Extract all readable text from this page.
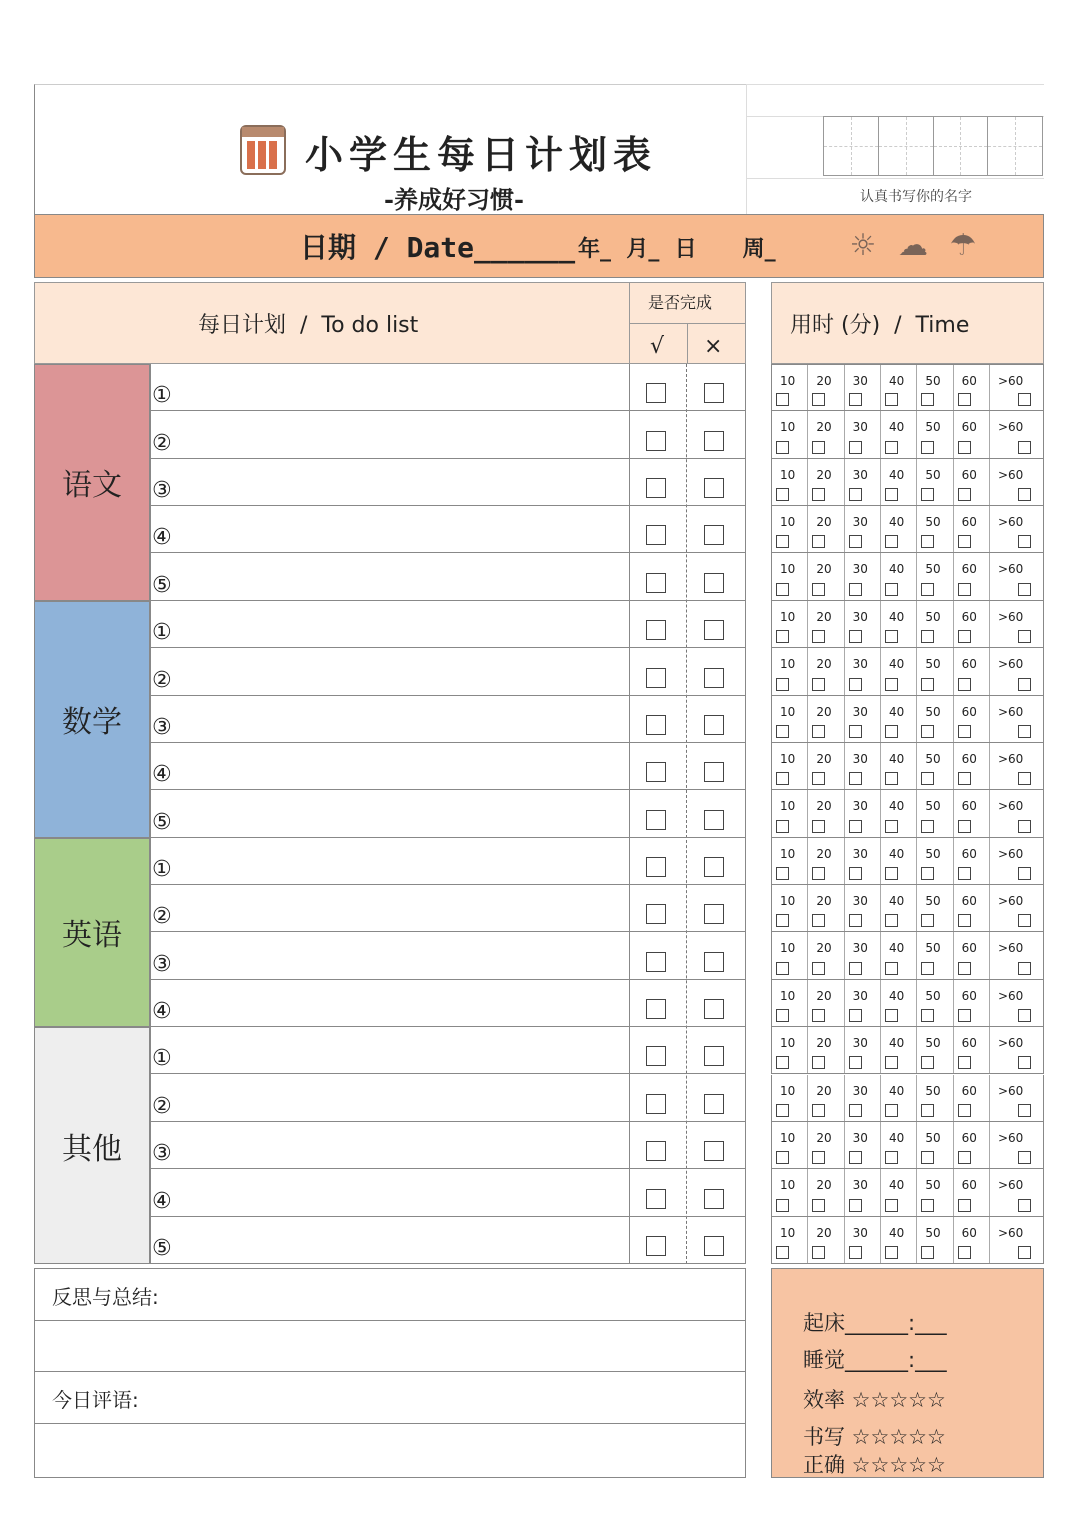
小学生每日计划表
-养成好习惯-	认真书写你的名字
日期 / Date______ 年_  月_  日      周_ ☼ ☁ ☂
每日计划  /  To do list
是否完成
√ ×
用时 (分)  /  Time
①
10 20 30 40 50 60 >60
②
10 20 30 40 50 60 >60
③
10 20 30 40 50 60 >60
④
10 20 30 40 50 60 >60
⑤
10 20 30 40 50 60 >60
语文
①
10 20 30 40 50 60 >60
②
10 20 30 40 50 60 >60
③
10 20 30 40 50 60 >60
④
10 20 30 40 50 60 >60
⑤
10 20 30 40 50 60 >60
数学
①
10 20 30 40 50 60 >60
②
10 20 30 40 50 60 >60
③
10 20 30 40 50 60 >60
④
10 20 30 40 50 60 >60
英语
①
10 20 30 40 50 60 >60
②
10 20 30 40 50 60 >60
③
10 20 30 40 50 60 >60
④
10 20 30 40 50 60 >60
⑤
10 20 30 40 50 60 >60
其他
反思与总结:
今日评语:
起床______:___
睡觉______:___
效率 ☆☆☆☆☆
书写 ☆☆☆☆☆
正确 ☆☆☆☆☆
